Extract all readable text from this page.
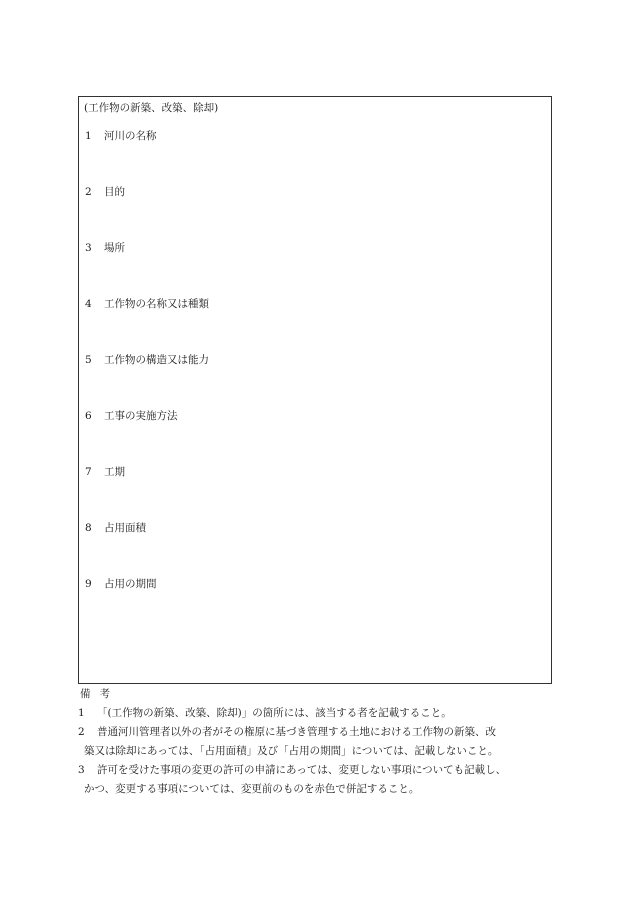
(工作物の新築、改築、除却)
1 河川の名称
2 目的
3 場所
4 工作物の名称又は種類
5 工作物の構造又は能力
6 工事の実施方法
7 工期
8 占用面積
9 占用の期間
備考
1 「(工作物の新築、改築、除却)」の箇所には、該当する者を記載すること。
2 普通河川管理者以外の者がその権原に基づき管理する土地における工作物の新築、改
築又は除却にあっては、「占用面積」及び「占用の期間」については、記載しないこと。
3 許可を受けた事項の変更の許可の申請にあっては、変更しない事項についても記載し、
かつ、変更する事項については、変更前のものを赤色で併記すること。
